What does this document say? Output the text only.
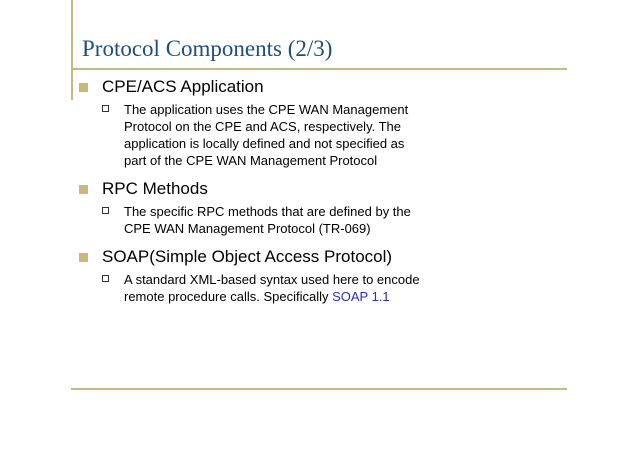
Protocol Components (2/3)
CPE/ACS Application
The application uses the CPE WAN Management
Protocol on the CPE and ACS, respectively. The
application is locally defined and not specified as
part of the CPE WAN Management Protocol
RPC Methods
The specific RPC methods that are defined by the
CPE WAN Management Protocol (TR-069)
SOAP(Simple Object Access Protocol)
A standard XML-based syntax used here to encode
remote procedure calls. Specifically SOAP 1.1
